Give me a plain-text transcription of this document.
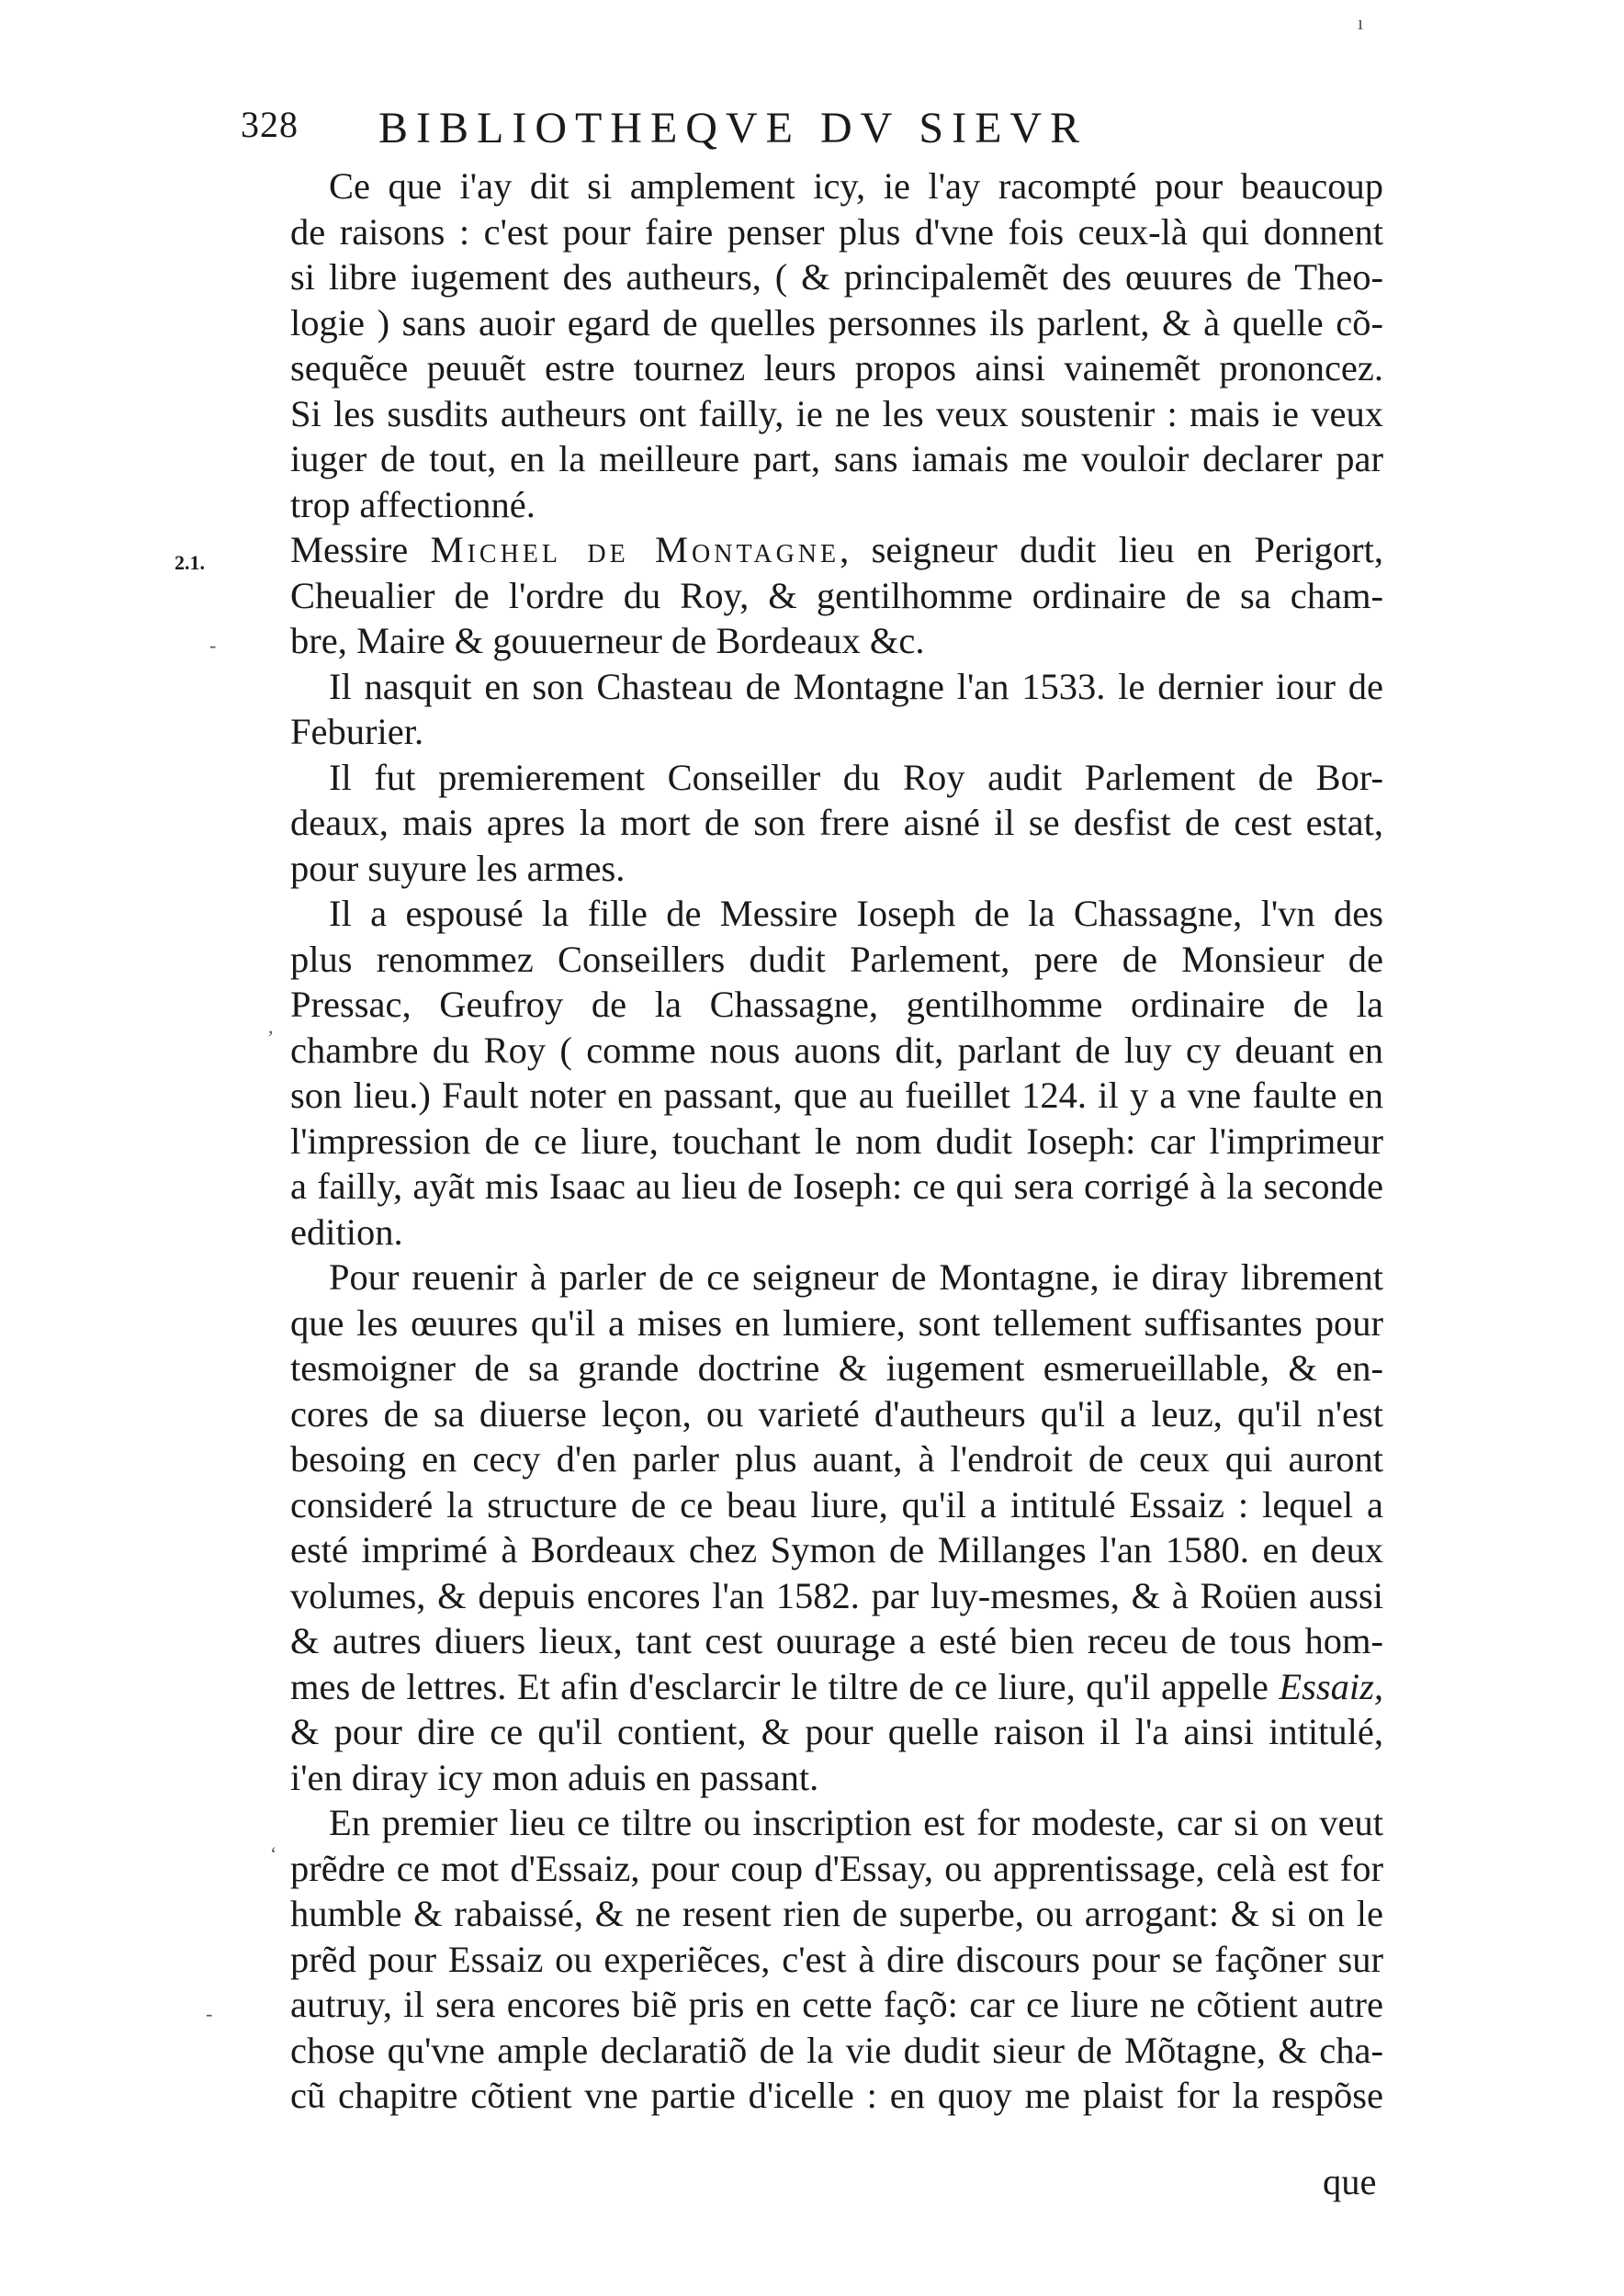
328 BIBLIOTHEQVE DV SIEVR
2.1.
Ce que i'ay dit si amplement icy, ie l'ay racompté pour beaucoup
de raisons : c'est pour faire penser plus d'vne fois ceux-là qui donnent
si libre iugement des autheurs, ( & principalemẽt des œuures de Theo-
logie ) sans auoir egard de quelles personnes ils parlent, & à quelle cõ-
sequẽce peuuẽt estre tournez leurs propos ainsi vainemẽt prononcez.
Si les susdits autheurs ont failly, ie ne les veux soustenir : mais ie veux
iuger de tout, en la meilleure part, sans iamais me vouloir declarer par
trop affectionné.
Messire Michel de Montagne, seigneur dudit lieu en Perigort,
Cheualier de l'ordre du Roy, & gentilhomme ordinaire de sa cham-
bre, Maire & gouuerneur de Bordeaux &c.
Il nasquit en son Chasteau de Montagne l'an 1533. le dernier iour de
Feburier.
Il fut premierement Conseiller du Roy audit Parlement de Bor-
deaux, mais apres la mort de son frere aisné il se desfist de cest estat,
pour suyure les armes.
Il a espousé la fille de Messire Ioseph de la Chassagne, l'vn des
plus renommez Conseillers dudit Parlement, pere de Monsieur de
Pressac, Geufroy de la Chassagne, gentilhomme ordinaire de la
chambre du Roy ( comme nous auons dit, parlant de luy cy deuant en
son lieu.) Fault noter en passant, que au fueillet 124. il y a vne faulte en
l'impression de ce liure, touchant le nom dudit Ioseph: car l'imprimeur
a failly, ayãt mis Isaac au lieu de Ioseph: ce qui sera corrigé à la seconde
edition.
Pour reuenir à parler de ce seigneur de Montagne, ie diray librement
que les œuures qu'il a mises en lumiere, sont tellement suffisantes pour
tesmoigner de sa grande doctrine & iugement esmerueillable, & en-
cores de sa diuerse leçon, ou varieté d'autheurs qu'il a leuz, qu'il n'est
besoing en cecy d'en parler plus auant, à l'endroit de ceux qui auront
consideré la structure de ce beau liure, qu'il a intitulé Essaiz : lequel a
esté imprimé à Bordeaux chez Symon de Millanges l'an 1580. en deux
volumes, & depuis encores l'an 1582. par luy-mesmes, & à Roüen aussi
& autres diuers lieux, tant cest ouurage a esté bien receu de tous hom-
mes de lettres. Et afin d'esclarcir le tiltre de ce liure, qu'il appelle Essaiz,
& pour dire ce qu'il contient, & pour quelle raison il l'a ainsi intitulé,
i'en diray icy mon aduis en passant.
En premier lieu ce tiltre ou inscription est for modeste, car si on veut
prẽdre ce mot d'Essaiz, pour coup d'Essay, ou apprentissage, celà est for
humble & rabaissé, & ne resent rien de superbe, ou arrogant: & si on le
prẽd pour Essaiz ou experiẽces, c'est à dire discours pour se façõner sur
autruy, il sera encores biẽ pris en cette façõ: car ce liure ne cõtient autre
chose qu'vne ample declaratiõ de la vie dudit sieur de Mõtagne, & cha-
cũ chapitre cõtient vne partie d'icelle : en quoy me plaist for la respõse
que
-
,
ʻ
-
ı
